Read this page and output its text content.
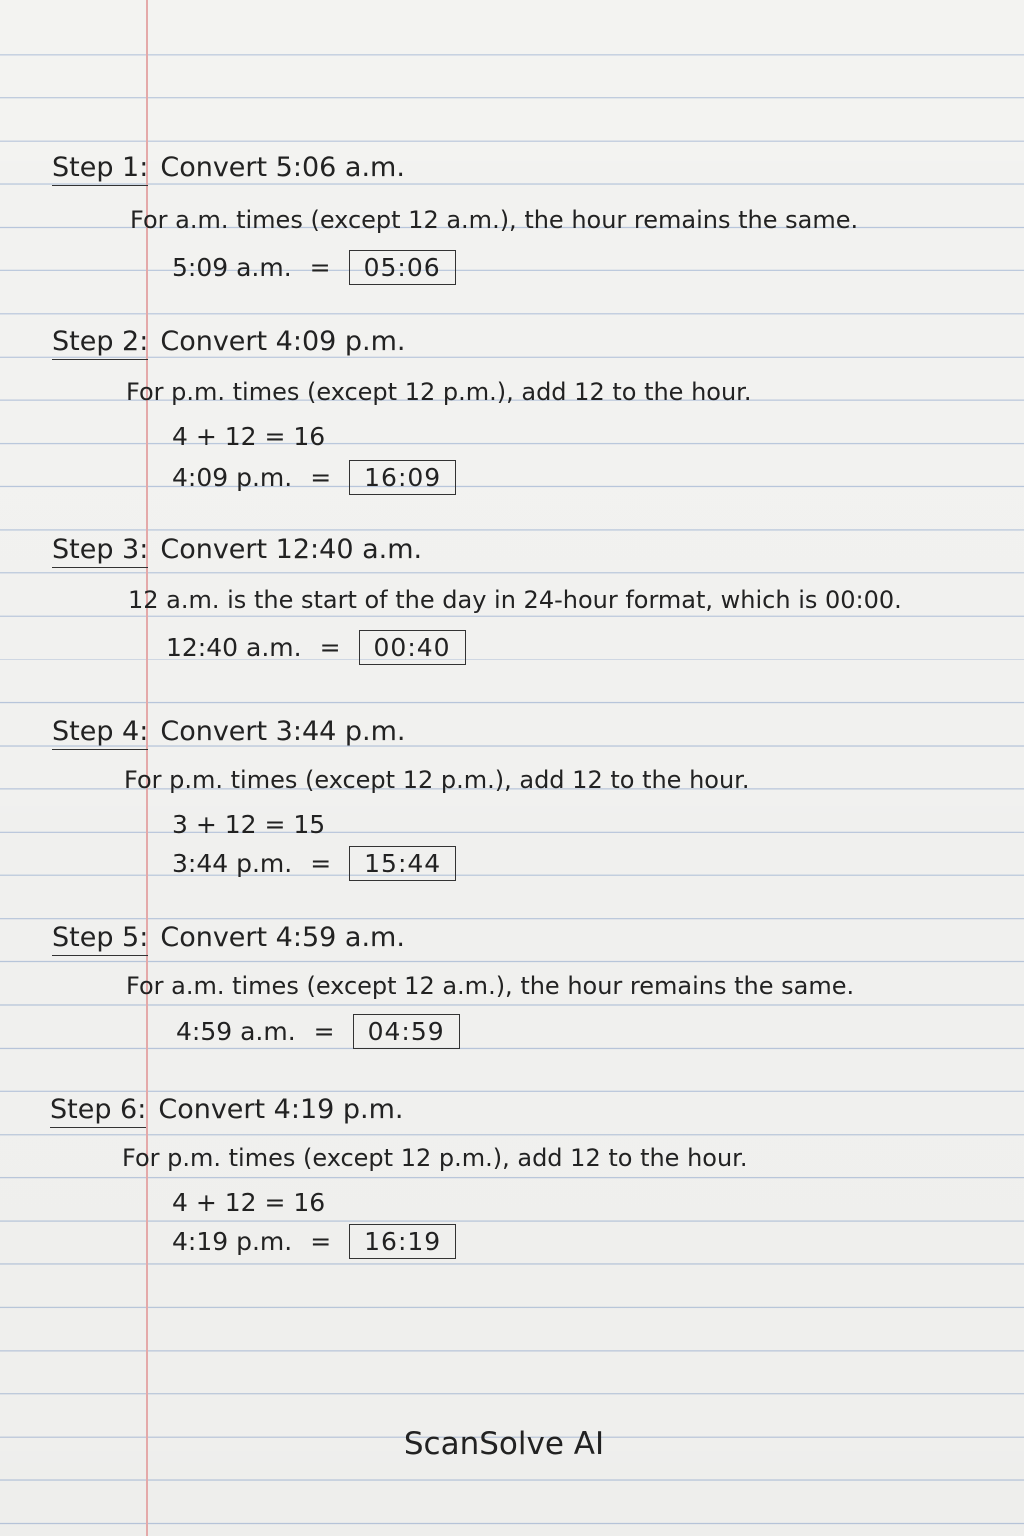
Step 1: Convert 5:06 a.m.
For a.m. times (except 12 a.m.), the hour remains the same.
5:09 a.m. =	05:06
Step 2: Convert 4:09 p.m.
For p.m. times (except 12 p.m.), add 12 to the hour.
4 + 12 = 16
4:09 p.m. =	16:09
Step 3: Convert 12:40 a.m.
12 a.m. is the start of the day in 24-hour format, which is 00:00.
12:40 a.m. =	00:40
Step 4: Convert 3:44 p.m.
For p.m. times (except 12 p.m.), add 12 to the hour.
3 + 12 = 15
3:44 p.m. =	15:44
Step 5: Convert 4:59 a.m.
For a.m. times (except 12 a.m.), the hour remains the same.
4:59 a.m. =	04:59
Step 6: Convert 4:19 p.m.
For p.m. times (except 12 p.m.), add 12 to the hour.
4 + 12 = 16
4:19 p.m. =	16:19
ScanSolve AI
